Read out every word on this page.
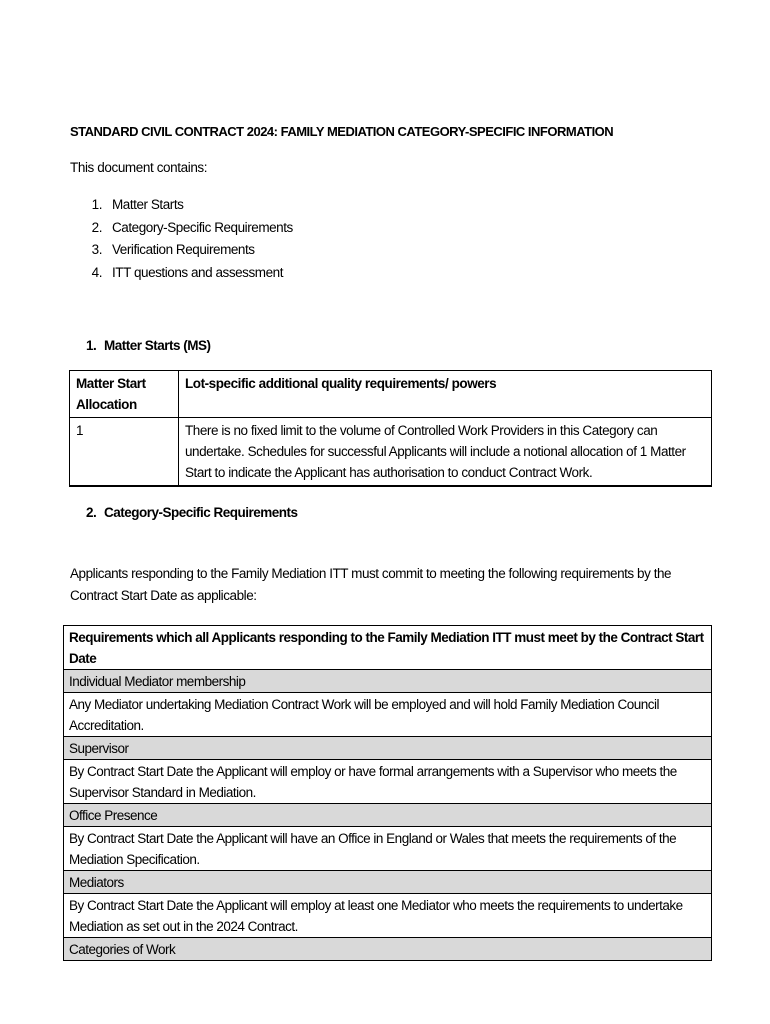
STANDARD CIVIL CONTRACT 2024: FAMILY MEDIATION CATEGORY-SPECIFIC INFORMATION
This document contains:
1 . Matter Starts
2 . Category-Specific Requirements
3 . Verification Requirements
4 . ITT questions and assessment
1. Matter Starts (MS)
Matter Start Allocation	Lot-specific additional quality requirements/ powers
1	There is no fixed limit to the volume of Controlled Work Providers in this Category can undertake. Schedules for successful Applicants will include a notional allocation of 1 Matter Start to indicate the Applicant has authorisation to conduct Contract Work.
2. Category-Specific Requirements
Applicants responding to the Family Mediation ITT must commit to meeting the following requirements by the Contract Start Date as applicable:
Requirements which all Applicants responding to the Family Mediation ITT must meet by the Contract Start Date
Individual Mediator membership
Any Mediator undertaking Mediation Contract Work will be employed and will hold Family Mediation Council Accreditation.
Supervisor
By Contract Start Date the Applicant will employ or have formal arrangements with a Supervisor who meets the Supervisor Standard in Mediation.
Office Presence
By Contract Start Date the Applicant will have an Office in England or Wales that meets the requirements of the Mediation Specification.
Mediators
By Contract Start Date the Applicant will employ at least one Mediator who meets the requirements to undertake Mediation as set out in the 2024 Contract.
Categories of Work
